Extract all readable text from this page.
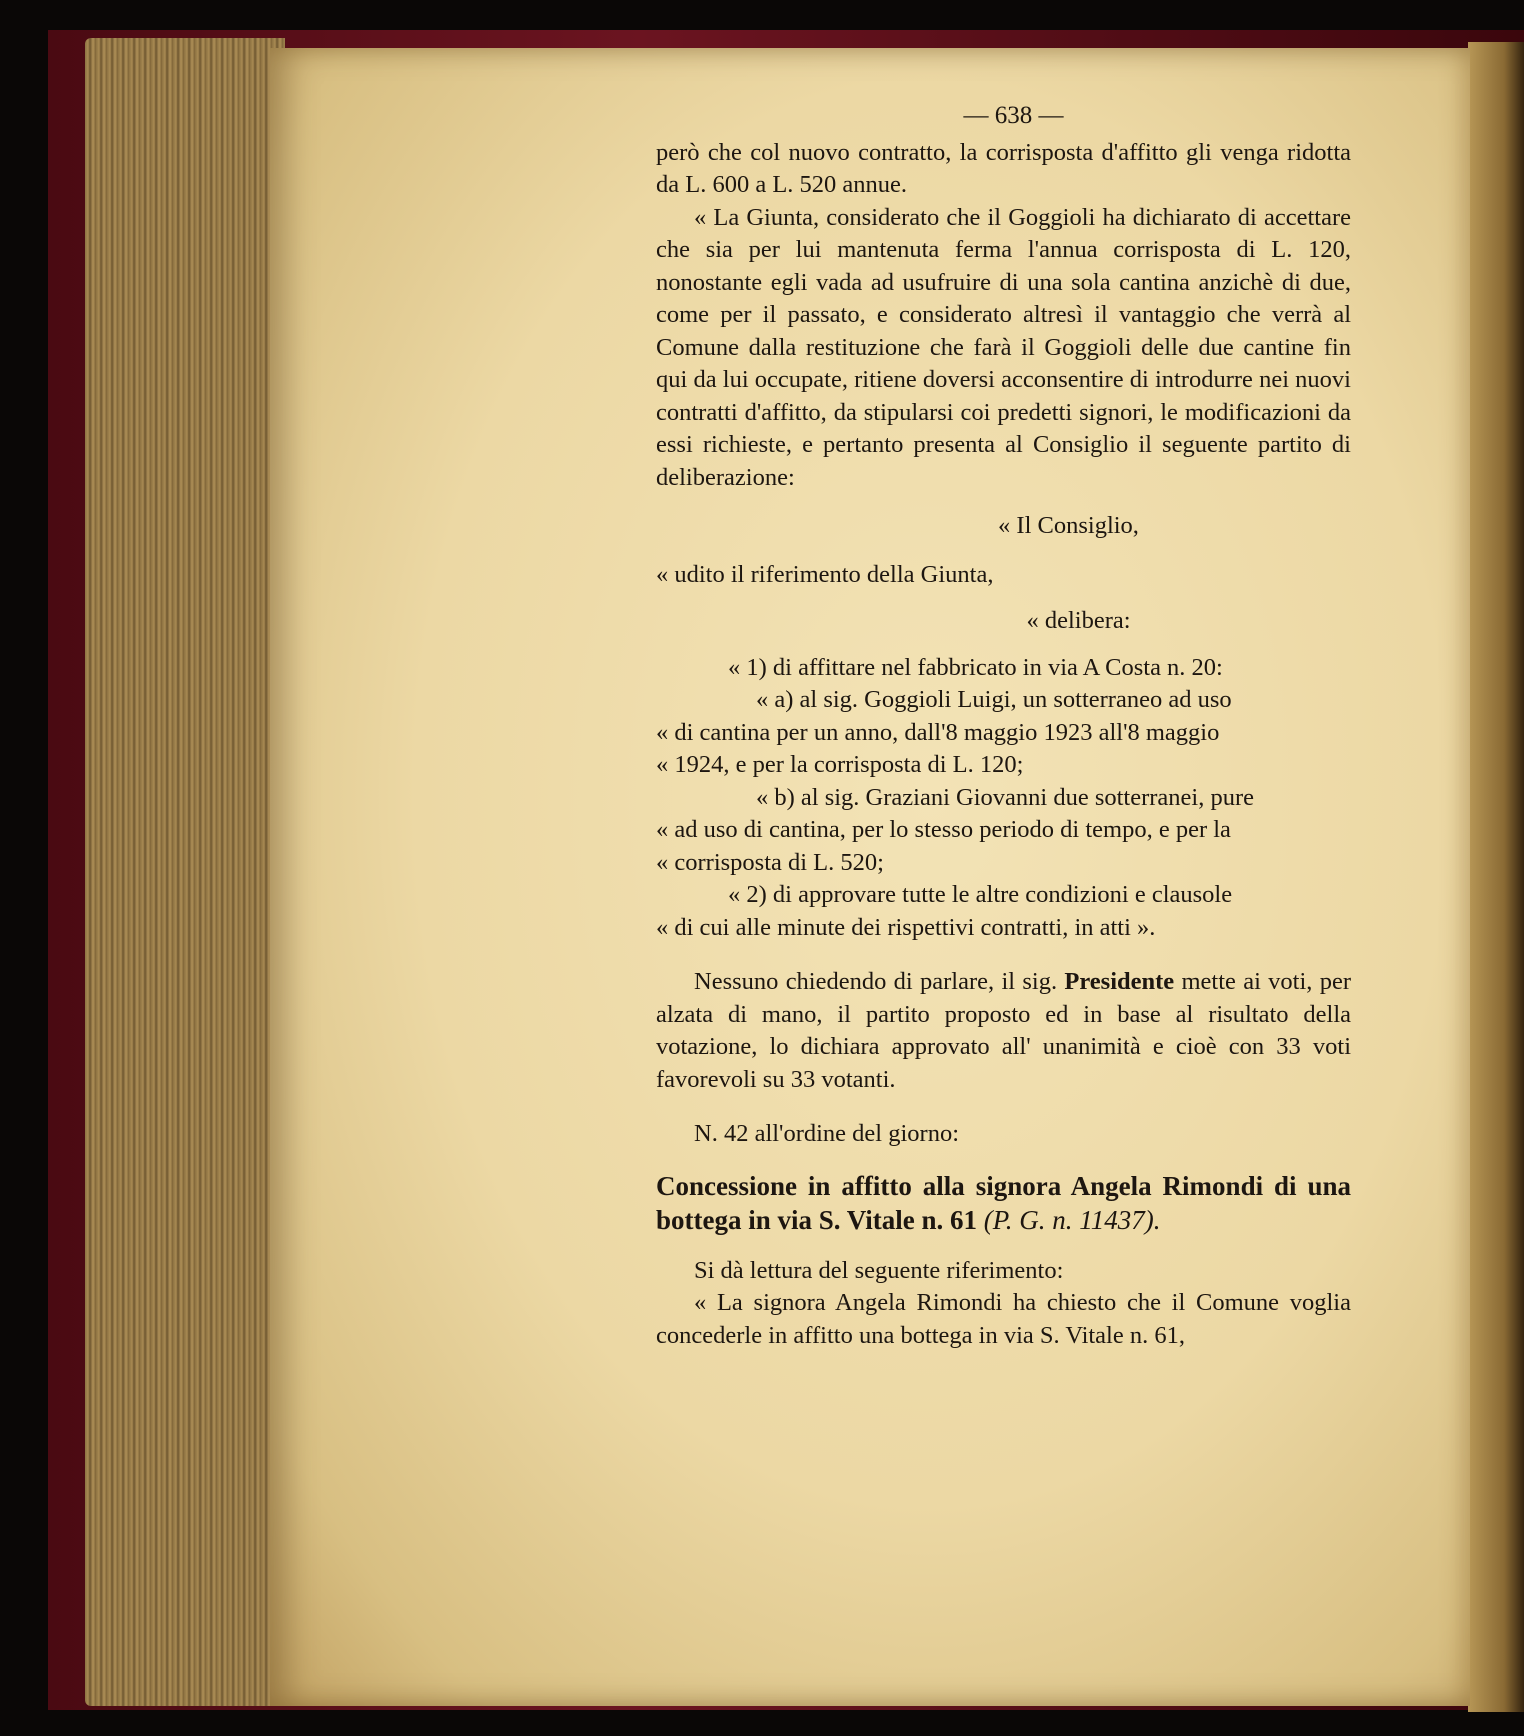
— 638 —

però che col nuovo contratto, la corrisposta d'affitto gli venga ridotta da L. 600 a L. 520 annue.

« La Giunta, considerato che il Goggioli ha dichiarato di accettare che sia per lui mantenuta ferma l'annua corrisposta di L. 120, nonostante egli vada ad usufruire di una sola cantina anzichè di due, come per il passato, e considerato altresì il vantaggio che verrà al Comune dalla restituzione che farà il Goggioli delle due cantine fin qui da lui occupate, ritiene doversi acconsentire di introdurre nei nuovi contratti d'affitto, da stipularsi coi predetti signori, le modificazioni da essi richieste, e pertanto presenta al Consiglio il seguente partito di deliberazione:

« Il Consiglio,

« udito il riferimento della Giunta,

« delibera:

« 1) di affittare nel fabbricato in via A Costa n. 20:

« a) al sig. Goggioli Luigi, un sotterraneo ad uso

« di cantina per un anno, dall'8 maggio 1923 all'8 maggio

« 1924, e per la corrisposta di L. 120;

« b) al sig. Graziani Giovanni due sotterranei, pure

« ad uso di cantina, per lo stesso periodo di tempo, e per la

« corrisposta di L. 520;

« 2) di approvare tutte le altre condizioni e clausole

« di cui alle minute dei rispettivi contratti, in atti ».

Nessuno chiedendo di parlare, il sig. Presidente mette ai voti, per alzata di mano, il partito proposto ed in base al risultato della votazione, lo dichiara approvato all' unanimità e cioè con 33 voti favorevoli su 33 votanti.

N. 42 all'ordine del giorno:

Concessione in affitto alla signora Angela Rimondi di una bottega in via S. Vitale n. 61 (P. G. n. 11437).

Si dà lettura del seguente riferimento:

« La signora Angela Rimondi ha chiesto che il Comune voglia concederle in affitto una bottega in via S. Vitale n. 61,
